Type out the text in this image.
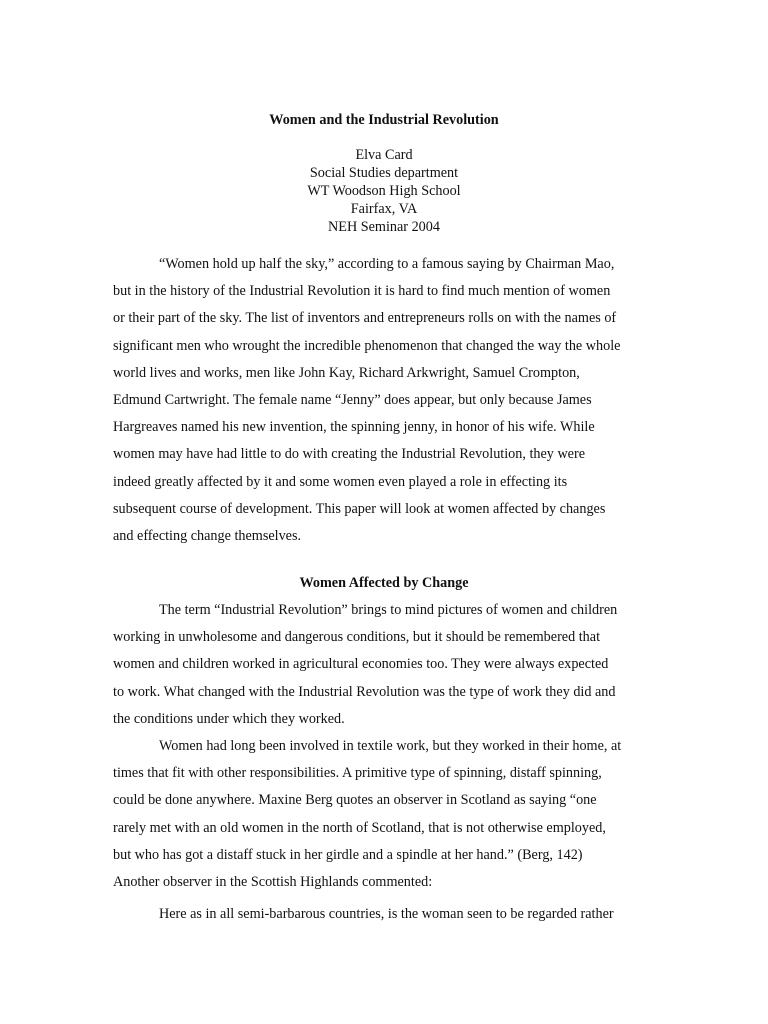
Women and the Industrial Revolution
Elva Card
Social Studies department
WT Woodson High School
Fairfax, VA
NEH Seminar 2004
“Women hold up half the sky,” according to a famous saying by Chairman Mao,
but in the history of the Industrial Revolution it is hard to find much mention of women
or their part of the sky. The list of inventors and entrepreneurs rolls on with the names of
significant men who wrought the incredible phenomenon that changed the way the whole
world lives and works, men like John Kay, Richard Arkwright, Samuel Crompton,
Edmund Cartwright. The female name “Jenny” does appear, but only because James
Hargreaves named his new invention, the spinning jenny, in honor of his wife. While
women may have had little to do with creating the Industrial Revolution, they were
indeed greatly affected by it and some women even played a role in effecting its
subsequent course of development. This paper will look at women affected by changes
and effecting change themselves.
Women Affected by Change
The term “Industrial Revolution” brings to mind pictures of women and children
working in unwholesome and dangerous conditions, but it should be remembered that
women and children worked in agricultural economies too. They were always expected
to work. What changed with the Industrial Revolution was the type of work they did and
the conditions under which they worked.
Women had long been involved in textile work, but they worked in their home, at
times that fit with other responsibilities. A primitive type of spinning, distaff spinning,
could be done anywhere. Maxine Berg quotes an observer in Scotland as saying “one
rarely met with an old women in the north of Scotland, that is not otherwise employed,
but who has got a distaff stuck in her girdle and a spindle at her hand.” (Berg, 142)
Another observer in the Scottish Highlands commented:
Here as in all semi-barbarous countries, is the woman seen to be regarded rather
